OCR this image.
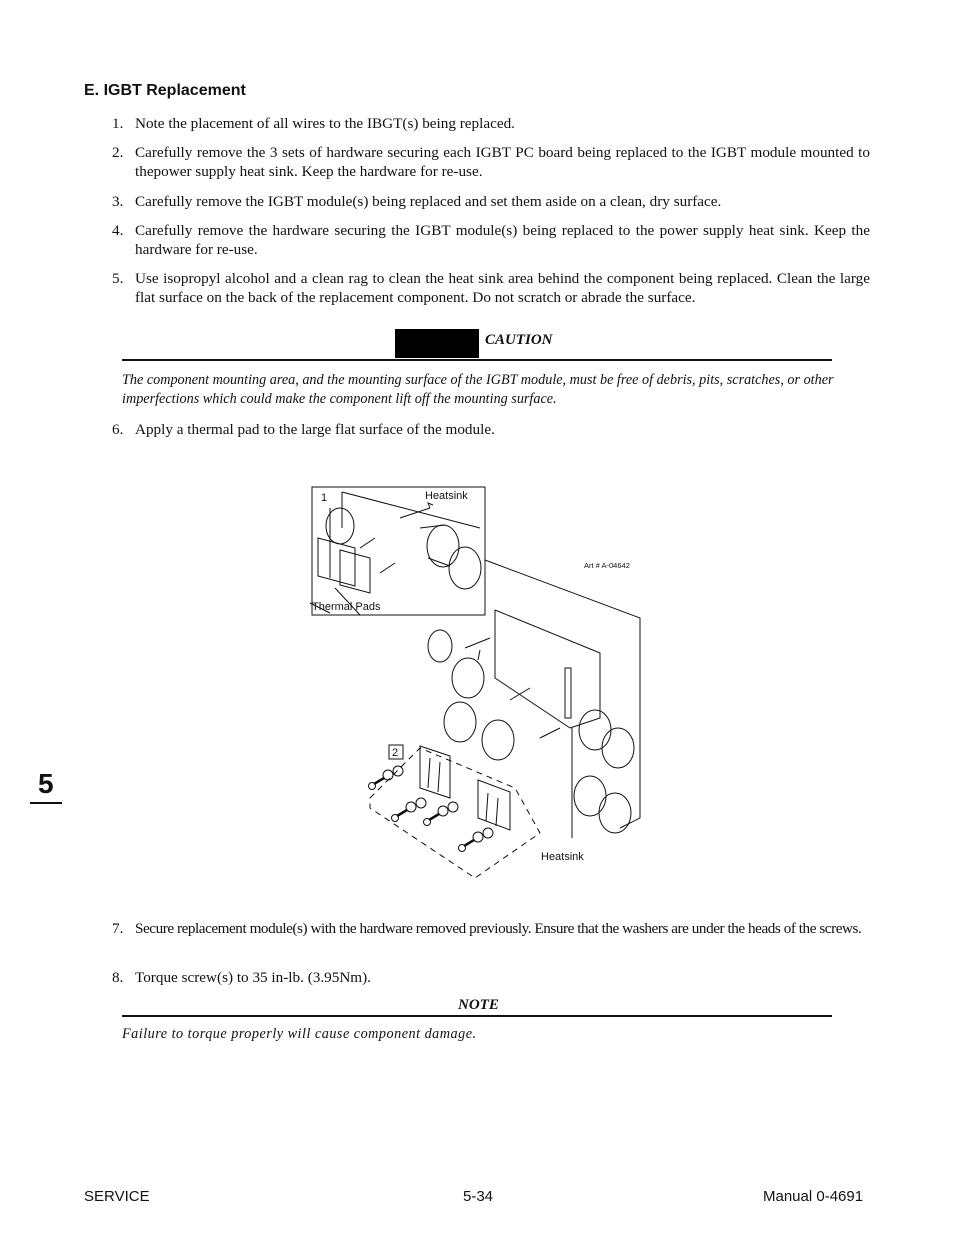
E. IGBT Replacement
1. Note the placement of all wires to the IBGT(s) being replaced.
2. Carefully remove the 3 sets of hardware securing each IGBT PC board being replaced to the IGBT module mounted to thepower supply heat sink. Keep the hardware for re-use.
3. Carefully remove the IGBT module(s) being replaced and set them aside on a clean, dry surface.
4. Carefully remove the hardware securing the IGBT module(s) being replaced to the power supply heat sink. Keep the hardware for re-use.
5. Use isopropyl alcohol and a clean rag to clean the heat sink area behind the component being replaced. Clean the large flat surface on the back of the replacement component. Do not scratch or abrade the surface.
CAUTION
The component mounting area, and the mounting surface of the IGBT module, must be free of debris, pits, scratches, or other imperfections which could make the component lift off the mounting surface.
6. Apply a thermal pad to the large flat surface of the module.
1	Heatsink
Thermal Pads
Art # A-04642
2
Heatsink
7. Secure replacement module(s) with the hardware removed previously. Ensure that the washers are under the heads of the screws.
8. Torque screw(s) to 35 in-lb. (3.95Nm).
NOTE
Failure to torque properly will cause component damage.
5
SERVICE	5-34	Manual 0-4691
